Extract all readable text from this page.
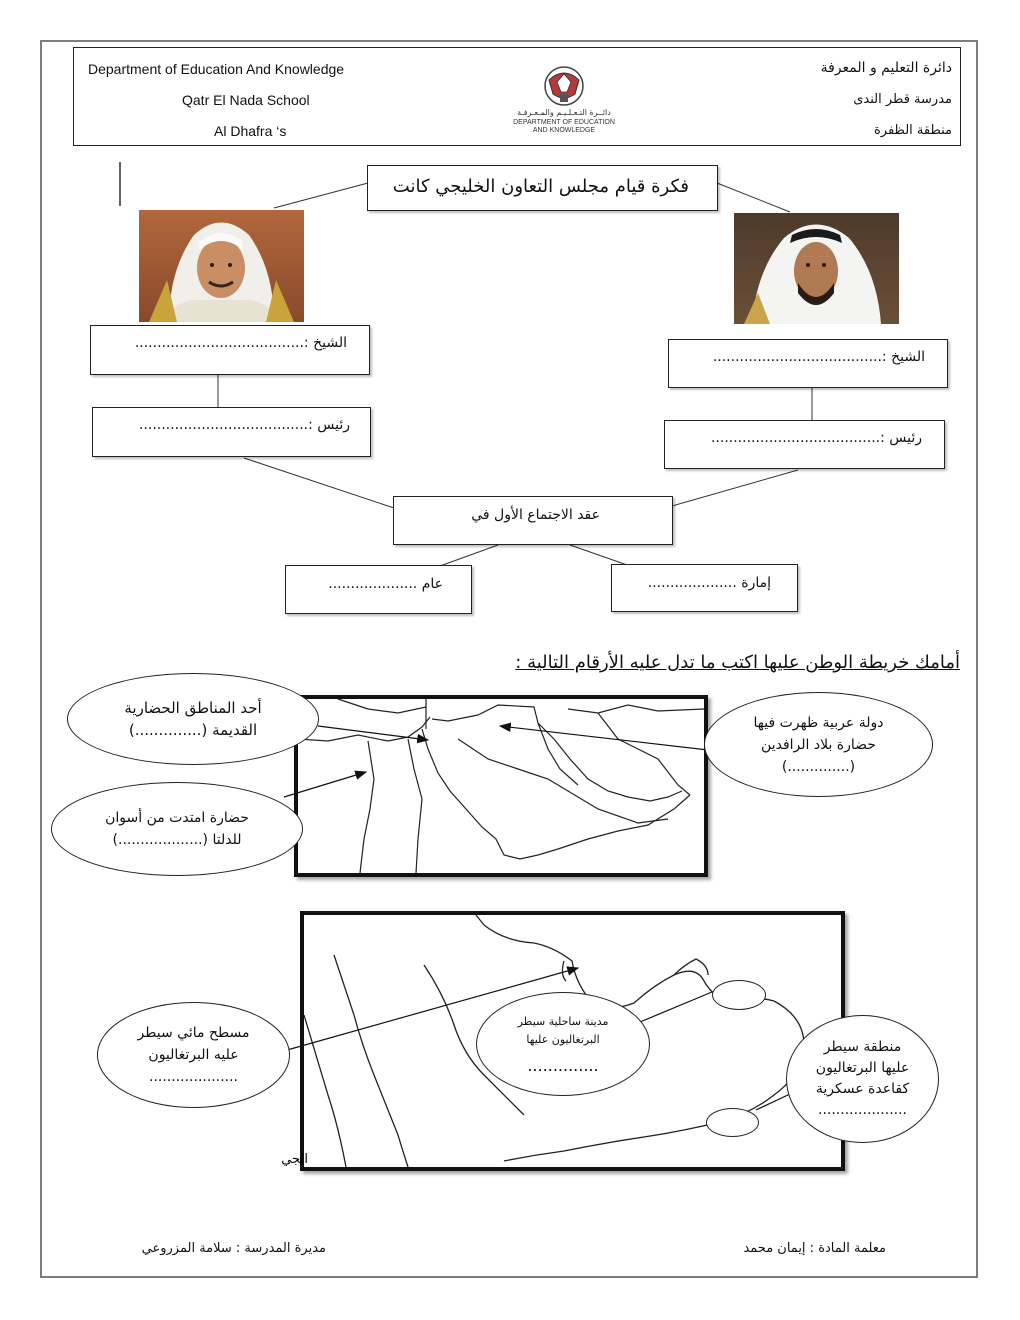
Department of Education And Knowledge
Qatr El Nada School
Al Dhafra ‘s
دائرة التعليم و المعرفة
مدرسة قطر الندى
منطقة الظفرة
دائــرة التـعـلـيـم والمـعـرفـة
DEPARTMENT OF EDUCATION
AND KNOWLEDGE
فكرة قيام مجلس التعاون الخليجي كانت
الشيخ :......................................
رئيس :......................................
الشيخ :......................................
رئيس :......................................
عقد الاجتماع الأول في
عام ....................	إمارة ....................
أمامك خريطة الوطن عليها اكتب ما تدل عليه الأرقام التالية :
الجي
أحد المناطق الحضارية
القديمة (..............)
حضارة امتدت من أسوان
للدلتا (...................)
دولة عربية ظهرت فيها
حضارة بلاد الرافدين
(..............)
مسطح مائي سيطر
عليه البرتغاليون
....................
مدينة ساحلية سيطر
البرتغاليون عليها
..............
منطقة سيطر
عليها البرتغاليون
كقاعدة عسكرية
....................
معلمة المادة : إيمان محمد
مديرة المدرسة : سلامة المزروعي
